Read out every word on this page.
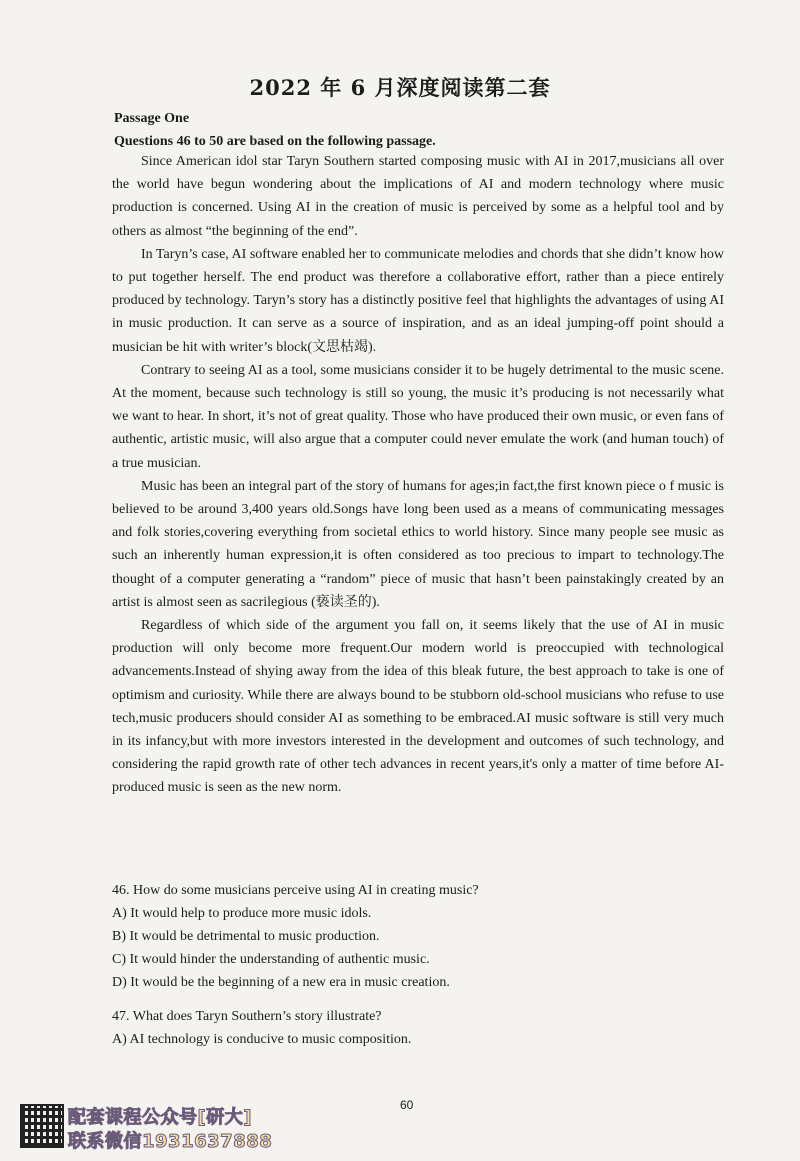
2022 年 6 月深度阅读第二套
Passage One
Questions 46 to 50 are based on the following passage.

Since American idol star Taryn Southern started composing music with AI in 2017,musicians all over the world have begun wondering about the implications of AI and modern technology where music production is concerned. Using AI in the creation of music is perceived by some as a helpful tool and by others as almost “the beginning of the end”.

In Taryn’s case, AI software enabled her to communicate melodies and chords that she didn’t know how to put together herself. The end product was therefore a collaborative effort, rather than a piece entirely produced by technology. Taryn’s story has a distinctly positive feel that highlights the advantages of using AI in music production. It can serve as a source of inspiration, and as an ideal jumping-off point should a musician be hit with writer’s block(文思枯竭).

Contrary to seeing AI as a tool, some musicians consider it to be hugely detrimental to the music scene. At the moment, because such technology is still so young, the music it’s producing is not necessarily what we want to hear. In short, it’s not of great quality. Those who have produced their own music, or even fans of authentic, artistic music, will also argue that a computer could never emulate the work (and human touch) of a true musician.

Music has been an integral part of the story of humans for ages;in fact,the first known piece o f music is believed to be around 3,400 years old.Songs have long been used as a means of communicating messages and folk stories,covering everything from societal ethics to world history. Since many people see music as such an inherently human expression,it is often considered as too precious to impart to technology.The thought of a computer generating a “random” piece of music that hasn’t been painstakingly created by an artist is almost seen as sacrilegious (亵读圣的).

Regardless of which side of the argument you fall on, it seems likely that the use of AI in music production will only become more frequent.Our modern world is preoccupied with technological advancements.Instead of shying away from the idea of this bleak future, the best approach to take is one of optimism and curiosity. While there are always bound to be stubborn old-school musicians who refuse to use tech,music producers should consider AI as something to be embraced.AI music software is still very much in its infancy,but with more investors interested in the development and outcomes of such technology, and considering the rapid growth rate of other tech advances in recent years,it's only a matter of time before AI-produced music is seen as the new norm.

46. How do some musicians perceive using AI in creating music?
A) It would help to produce more music idols.
B) It would be detrimental to music production.
C) It would hinder the understanding of authentic music.
D) It would be the beginning of a new era in music creation.
47. What does Taryn Southern’s story illustrate?
A) AI technology is conducive to music composition.
60
配套课程公众号[研大]
联系微信1931637888
